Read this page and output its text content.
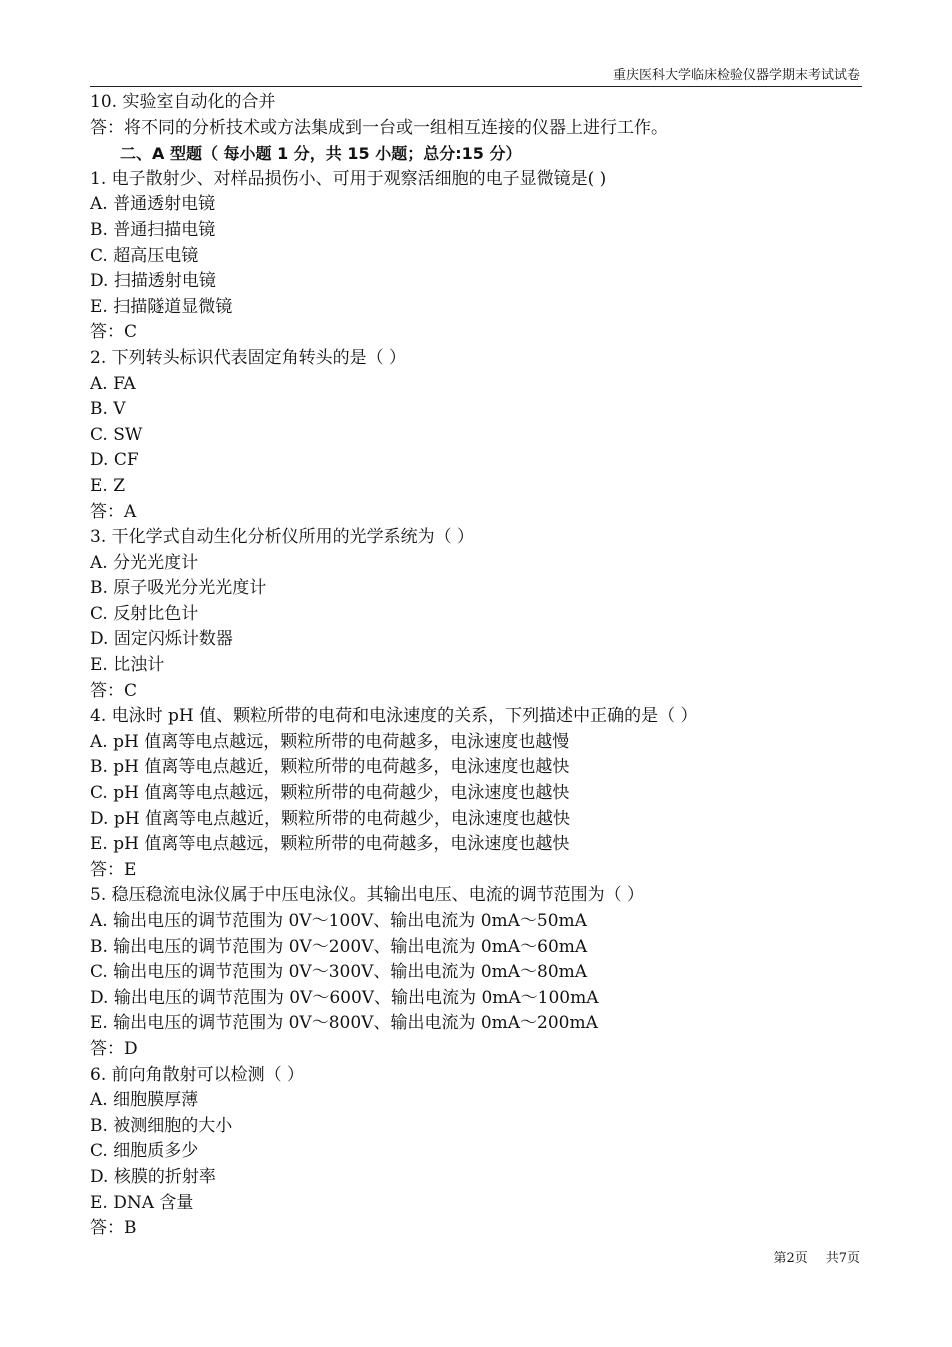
重庆医科大学临床检验仪器学期末考试试卷
10. 实验室自动化的合并
答：将不同的分析技术或方法集成到一台或一组相互连接的仪器上进行工作。
二、A 型题（ 每小题 1 分，共 15 小题；总分:15 分）
1. 电子散射少、对样品损伤小、可用于观察活细胞的电子显微镜是( )
A. 普通透射电镜
B. 普通扫描电镜
C. 超高压电镜
D. 扫描透射电镜
E. 扫描隧道显微镜
答：C
2. 下列转头标识代表固定角转头的是（ ）
A. FA
B. V
C. SW
D. CF
E. Z
答：A
3. 干化学式自动生化分析仪所用的光学系统为（ ）
A. 分光光度计
B. 原子吸光分光光度计
C. 反射比色计
D. 固定闪烁计数器
E. 比浊计
答：C
4. 电泳时 pH 值、颗粒所带的电荷和电泳速度的关系，下列描述中正确的是（ ）
A. pH 值离等电点越远，颗粒所带的电荷越多，电泳速度也越慢
B. pH 值离等电点越近，颗粒所带的电荷越多，电泳速度也越快
C. pH 值离等电点越远，颗粒所带的电荷越少，电泳速度也越快
D. pH 值离等电点越近，颗粒所带的电荷越少，电泳速度也越快
E. pH 值离等电点越远，颗粒所带的电荷越多，电泳速度也越快
答：E
5. 稳压稳流电泳仪属于中压电泳仪。其输出电压、电流的调节范围为（ ）
A. 输出电压的调节范围为 0V～100V、输出电流为 0mA～50mA
B. 输出电压的调节范围为 0V～200V、输出电流为 0mA～60mA
C. 输出电压的调节范围为 0V～300V、输出电流为 0mA～80mA
D. 输出电压的调节范围为 0V～600V、输出电流为 0mA～100mA
E. 输出电压的调节范围为 0V～800V、输出电流为 0mA～200mA
答：D
6. 前向角散射可以检测（ ）
A. 细胞膜厚薄
B. 被测细胞的大小
C. 细胞质多少
D. 核膜的折射率
E. DNA 含量
答：B
第2页 共7页
